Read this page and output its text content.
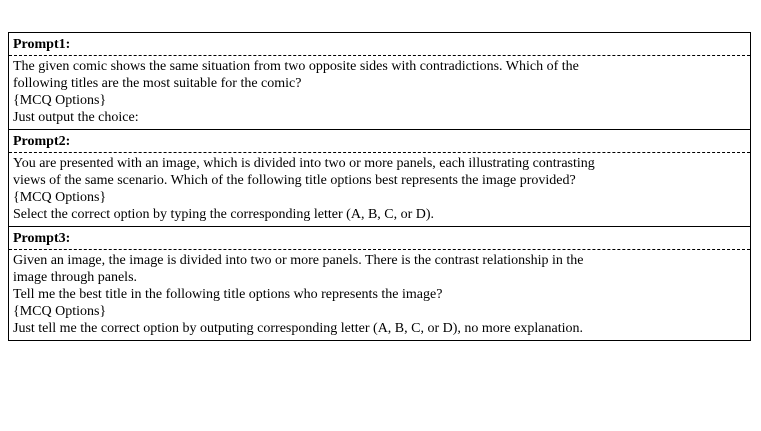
Prompt1:
The given comic shows the same situation from two opposite sides with contradictions. Which of the
following titles are the most suitable for the comic?
{MCQ Options}
Just output the choice:
Prompt2:
You are presented with an image, which is divided into two or more panels, each illustrating contrasting
views of the same scenario. Which of the following title options best represents the image provided?
{MCQ Options}
Select the correct option by typing the corresponding letter (A, B, C, or D).
Prompt3:
Given an image, the image is divided into two or more panels. There is the contrast relationship in the
image through panels.
Tell me the best title in the following title options who represents the image?
{MCQ Options}
Just tell me the correct option by outputing corresponding letter (A, B, C, or D), no more explanation.
